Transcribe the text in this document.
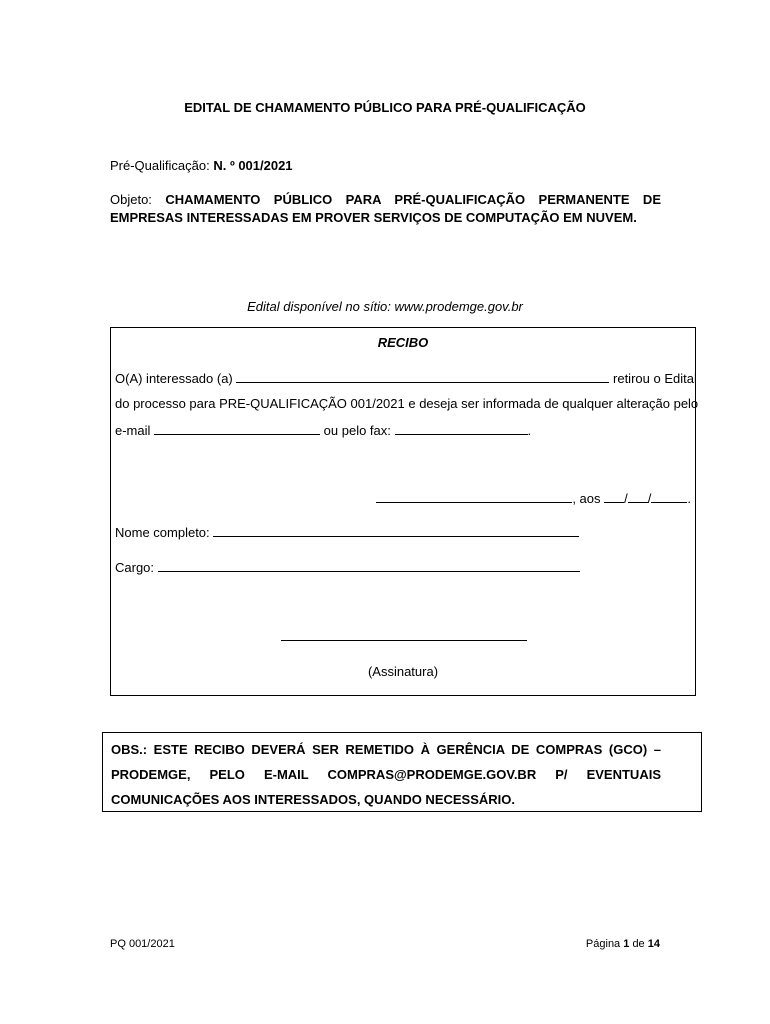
EDITAL DE CHAMAMENTO PÚBLICO PARA PRÉ-QUALIFICAÇÃO
Pré-Qualificação: N. º 001/2021
Objeto: CHAMAMENTO PÚBLICO PARA PRÉ-QUALIFICAÇÃO PERMANENTE DE EMPRESAS INTERESSADAS EM PROVER SERVIÇOS DE COMPUTAÇÃO EM NUVEM.
Edital disponível no sítio: www.prodemge.gov.br
RECIBO
O(A) interessado (a)	retirou o Edital
do processo para PRE-QUALIFICAÇÃO 001/2021 e deseja ser informada de qualquer alteração pelo
e-mail	ou pelo fax:	.
, aos / /	.
Nome completo:
Cargo:
(Assinatura)
OBS.: ESTE RECIBO DEVERÁ SER REMETIDO À GERÊNCIA DE COMPRAS (GCO) – PRODEMGE, PELO E-MAIL COMPRAS@PRODEMGE.GOV.BR P/ EVENTUAIS COMUNICAÇÕES AOS INTERESSADOS, QUANDO NECESSÁRIO.
PQ 001/2021	Página 1 de 14
